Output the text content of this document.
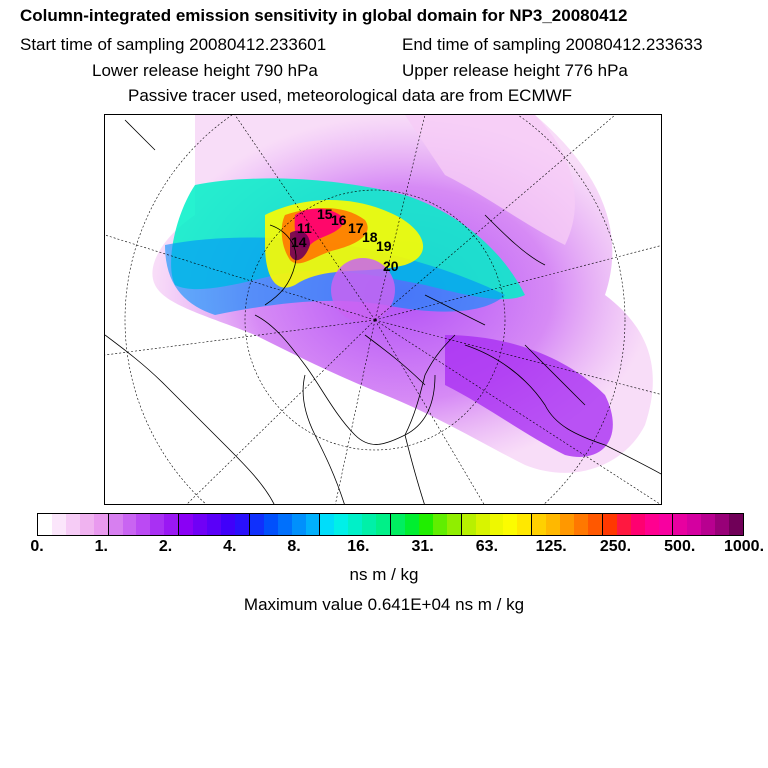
Column-integrated emission sensitivity in global domain for NP3_20080412
Start time of sampling 20080412.233601	End time of sampling 20080412.233633
Lower release height 790 hPa	Upper release height 776 hPa
Passive tracer used, meteorological data are from ECMWF
11
14
15
16 17
18
19
20
0.	1.	2.	4.	8.	16.	31.	63. 125. 250. 500. 1000.
ns m / kg
Maximum value 0.641E+04 ns m / kg
